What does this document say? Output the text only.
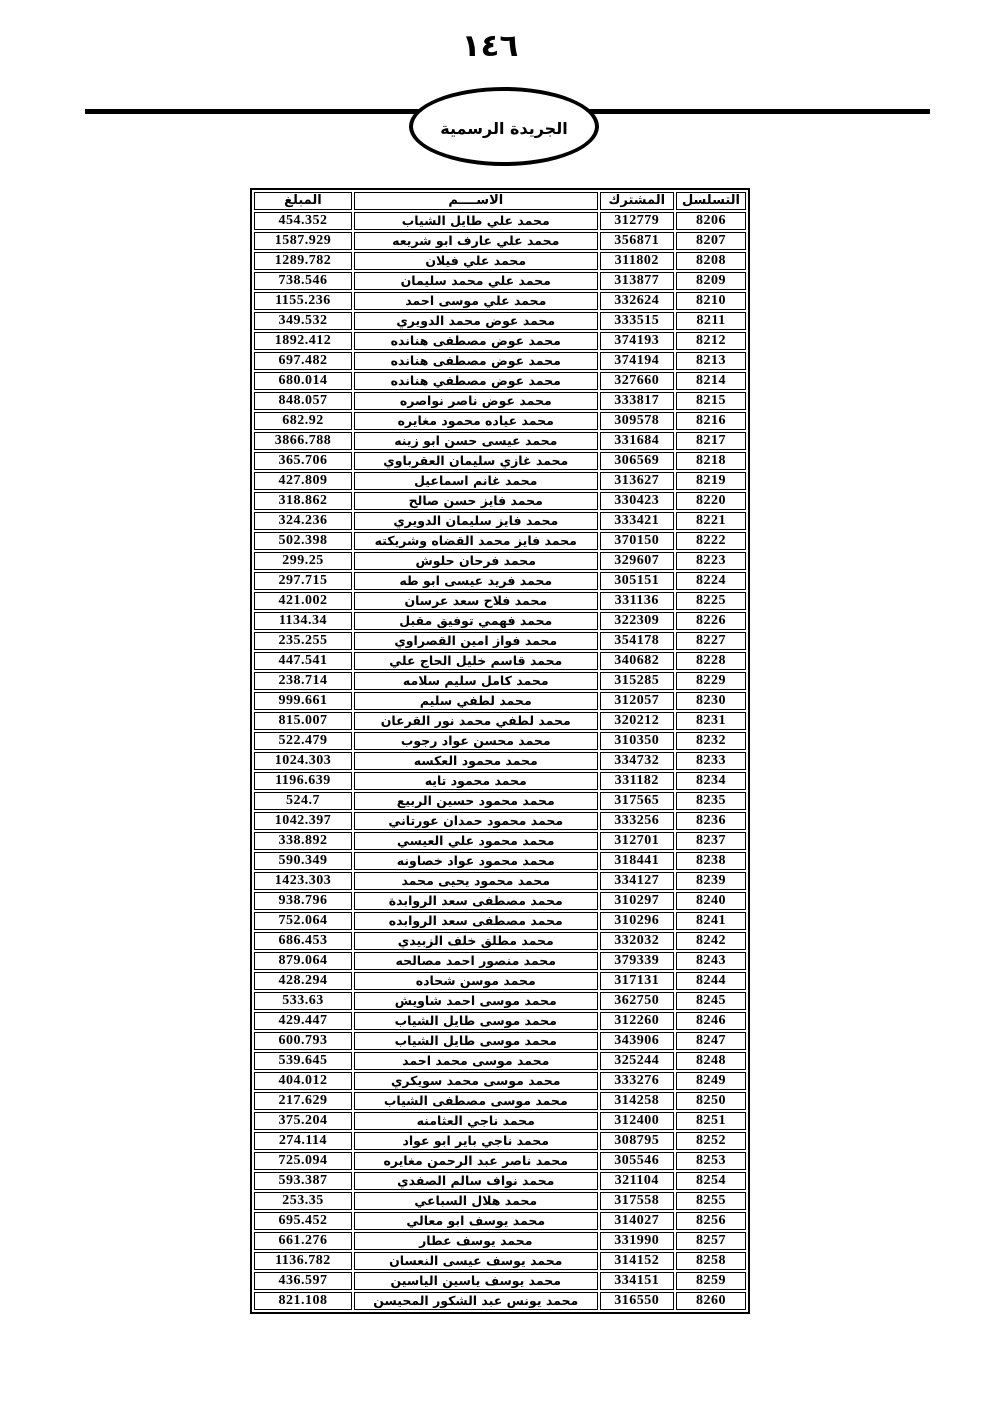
١٤٦
الجريدة الرسمية
التسلسل	المشترك	الاســــم	المبلغ
8206	312779	محمد علي طايل الشياب	454.352
8207	356871	محمد علي عارف ابو شريعه	1587.929
8208	311802	محمد علي فيلان	1289.782
8209	313877	محمد علي محمد سليمان	738.546
8210	332624	محمد علي موسى احمد	1155.236
8211	333515	محمد عوض محمد الدويري	349.532
8212	374193	محمد عوض مصطفى هنانده	1892.412
8213	374194	محمد عوض مصطفى هنانده	697.482
8214	327660	محمد عوض مصطفي هنانده	680.014
8215	333817	محمد عوض ناصر نواصره	848.057
8216	309578	محمد عياده محمود مغايره	682.92
8217	331684	محمد عيسى حسن ابو زينه	3866.788
8218	306569	محمد غازي سليمان العقرباوي	365.706
8219	313627	محمد غانم اسماعيل	427.809
8220	330423	محمد فايز حسن صالح	318.862
8221	333421	محمد فايز سليمان الدويري	324.236
8222	370150	محمد فايز محمد القضاه وشريكته	502.398
8223	329607	محمد فرحان حلوش	299.25
8224	305151	محمد فريد عيسى ابو طه	297.715
8225	331136	محمد فلاح سعد عرسان	421.002
8226	322309	محمد فهمي توفيق مقبل	1134.34
8227	354178	محمد فواز امين القصراوي	235.255
8228	340682	محمد قاسم خليل الحاج علي	447.541
8229	315285	محمد كامل سليم سلامه	238.714
8230	312057	محمد لطفي سليم	999.661
8231	320212	محمد لطفي محمد نور القرعان	815.007
8232	310350	محمد محسن عواد رجوب	522.479
8233	334732	محمد محمود العكسه	1024.303
8234	331182	محمد محمود تايه	1196.639
8235	317565	محمد محمود حسين الربيع	524.7
8236	333256	محمد محمود حمدان عورتاني	1042.397
8237	312701	محمد محمود علي العيسي	338.892
8238	318441	محمد محمود عواد خصاونه	590.349
8239	334127	محمد محمود يحيى محمد	1423.303
8240	310297	محمد مصطفى سعد الروابدة	938.796
8241	310296	محمد مصطفى سعد الروابده	752.064
8242	332032	محمد مطلق خلف الزبيدي	686.453
8243	379339	محمد منصور احمد مصالحه	879.064
8244	317131	محمد موسن شحاده	428.294
8245	362750	محمد موسى احمد شاويش	533.63
8246	312260	محمد موسى طايل الشياب	429.447
8247	343906	محمد موسى طايل الشياب	600.793
8248	325244	محمد موسى محمد احمد	539.645
8249	333276	محمد موسى محمد سويكري	404.012
8250	314258	محمد موسى مصطفى الشياب	217.629
8251	312400	محمد ناجي العثامنه	375.204
8252	308795	محمد ناجي باير ابو عواد	274.114
8253	305546	محمد ناصر عبد الرحمن مغايره	725.094
8254	321104	محمد نواف سالم الصفدي	593.387
8255	317558	محمد هلال السباعي	253.35
8256	314027	محمد يوسف ابو معالي	695.452
8257	331990	محمد يوسف عطار	661.276
8258	314152	محمد يوسف عيسى النعسان	1136.782
8259	334151	محمد يوسف ياسين الياسين	436.597
8260	316550	محمد يونس عبد الشكور المحيسن	821.108
